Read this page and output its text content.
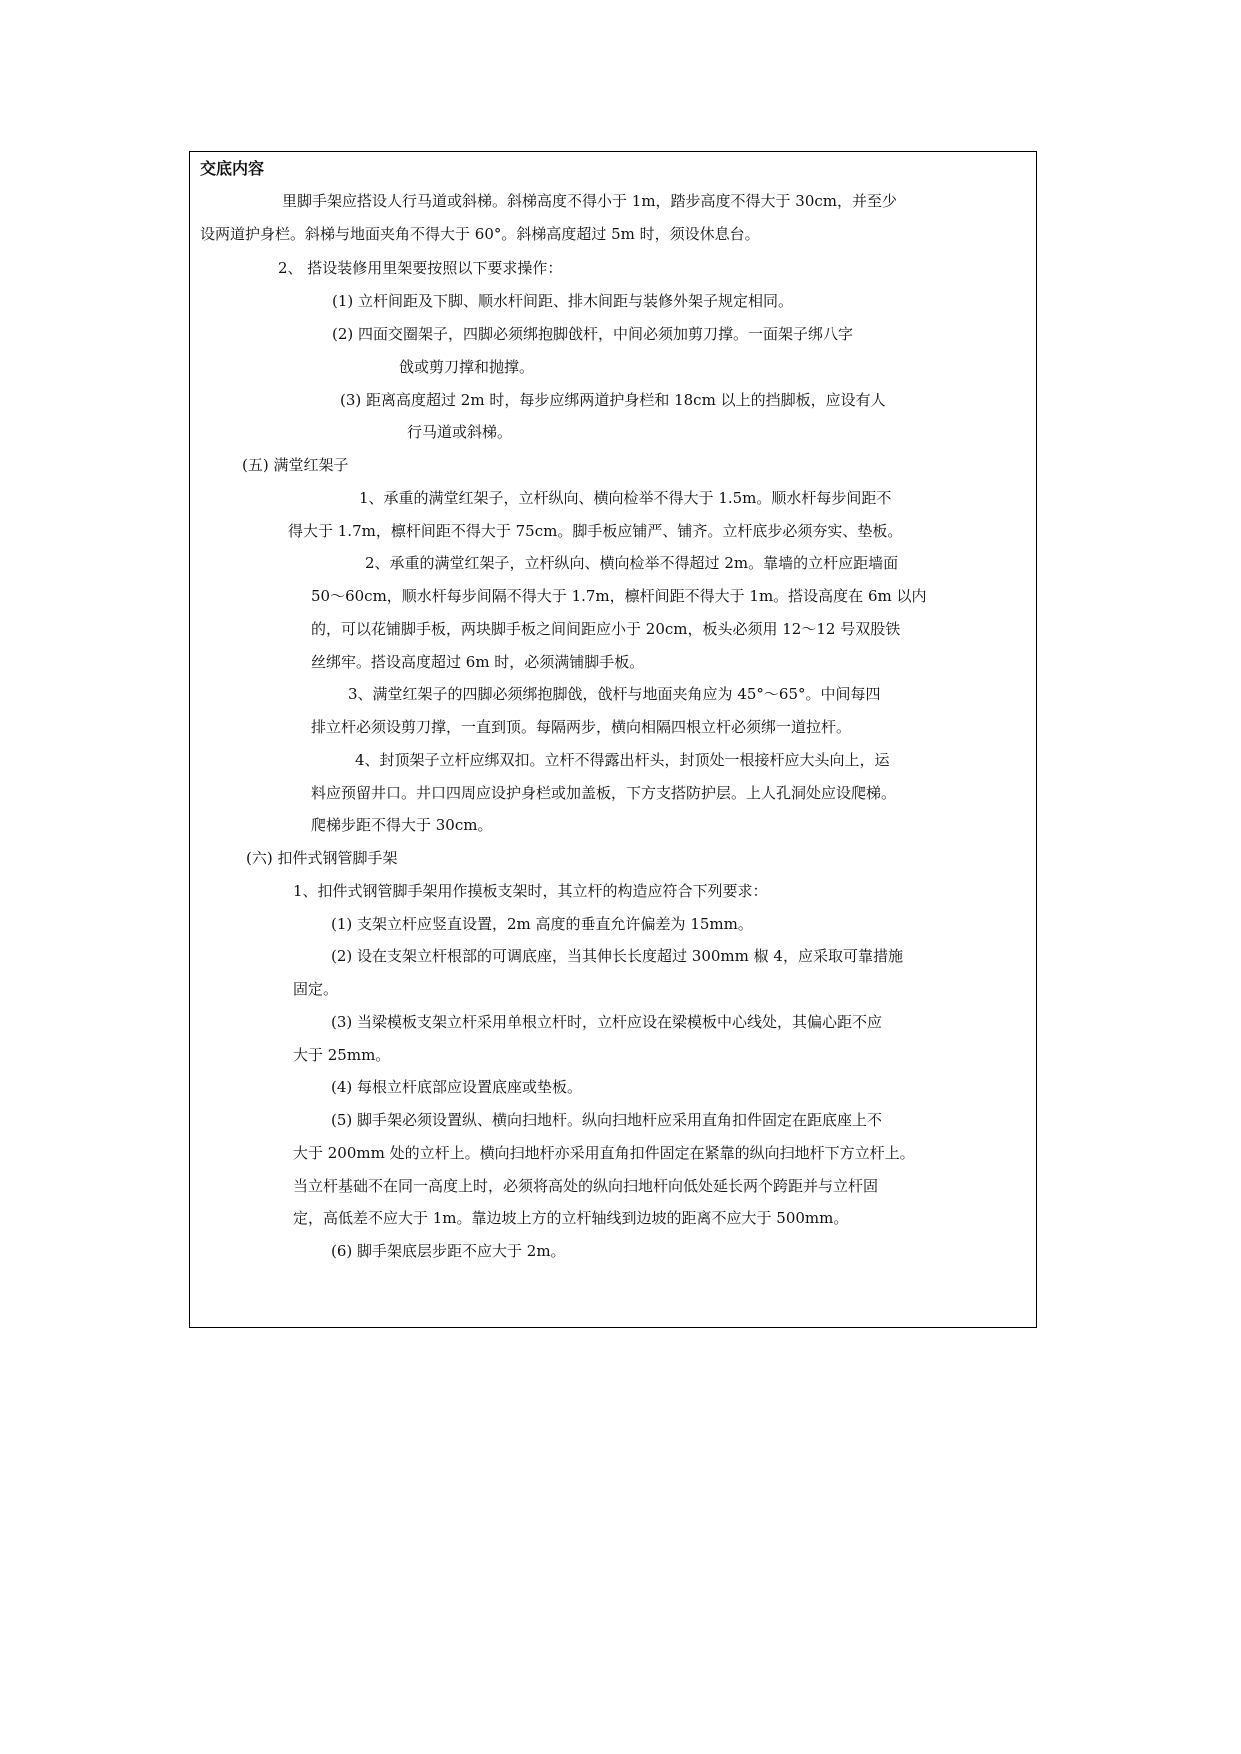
交底内容
里脚手架应搭设人行马道或斜梯。斜梯高度不得小于 1m，踏步高度不得大于 30cm，并至少
设两道护身栏。斜梯与地面夹角不得大于 60°。斜梯高度超过 5m 时，须设休息台。
2、 搭设装修用里架要按照以下要求操作：
(1) 立杆间距及下脚、顺水杆间距、排木间距与装修外架子规定相同。
(2) 四面交圈架子，四脚必须绑抱脚戗杆，中间必须加剪刀撑。一面架子绑八字
戗或剪刀撑和抛撑。
(3) 距离高度超过 2m 时，每步应绑两道护身栏和 18cm 以上的挡脚板，应设有人
行马道或斜梯。
(五) 满堂红架子
1、承重的满堂红架子，立杆纵向、横向检举不得大于 1.5m。顺水杆每步间距不
得大于 1.7m，檩杆间距不得大于 75cm。脚手板应铺严、铺齐。立杆底步必须夯实、垫板。
2、承重的满堂红架子，立杆纵向、横向检举不得超过 2m。靠墙的立杆应距墙面
50～60cm，顺水杆每步间隔不得大于 1.7m，檩杆间距不得大于 1m。搭设高度在 6m 以内
的，可以花铺脚手板，两块脚手板之间间距应小于 20cm，板头必须用 12～12 号双股铁
丝绑牢。搭设高度超过 6m 时，必须满铺脚手板。
3、满堂红架子的四脚必须绑抱脚戗，戗杆与地面夹角应为 45°～65°。中间每四
排立杆必须设剪刀撑，一直到顶。每隔两步，横向相隔四根立杆必须绑一道拉杆。
4、封顶架子立杆应绑双扣。立杆不得露出杆头，封顶处一根接杆应大头向上，运
料应预留井口。井口四周应设护身栏或加盖板，下方支搭防护层。上人孔洞处应设爬梯。
爬梯步距不得大于 30cm。
(六) 扣件式钢管脚手架
1、扣件式钢管脚手架用作摸板支架时，其立杆的构造应符合下列要求：
(1) 支架立杆应竖直设置，2m 高度的垂直允许偏差为 15mm。
(2) 设在支架立杆根部的可调底座，当其伸长长度超过 300mm 椒 4，应采取可靠措施
固定。
(3) 当梁模板支架立杆采用单根立杆时，立杆应设在梁模板中心线处，其偏心距不应
大于 25mm。
(4) 每根立杆底部应设置底座或垫板。
(5) 脚手架必须设置纵、横向扫地杆。纵向扫地杆应采用直角扣件固定在距底座上不
大于 200mm 处的立杆上。横向扫地杆亦采用直角扣件固定在紧靠的纵向扫地杆下方立杆上。
当立杆基础不在同一高度上时，必须将高处的纵向扫地杆向低处延长两个跨距并与立杆固
定，高低差不应大于 1m。靠边坡上方的立杆轴线到边坡的距离不应大于 500mm。
(6) 脚手架底层步距不应大于 2m。
